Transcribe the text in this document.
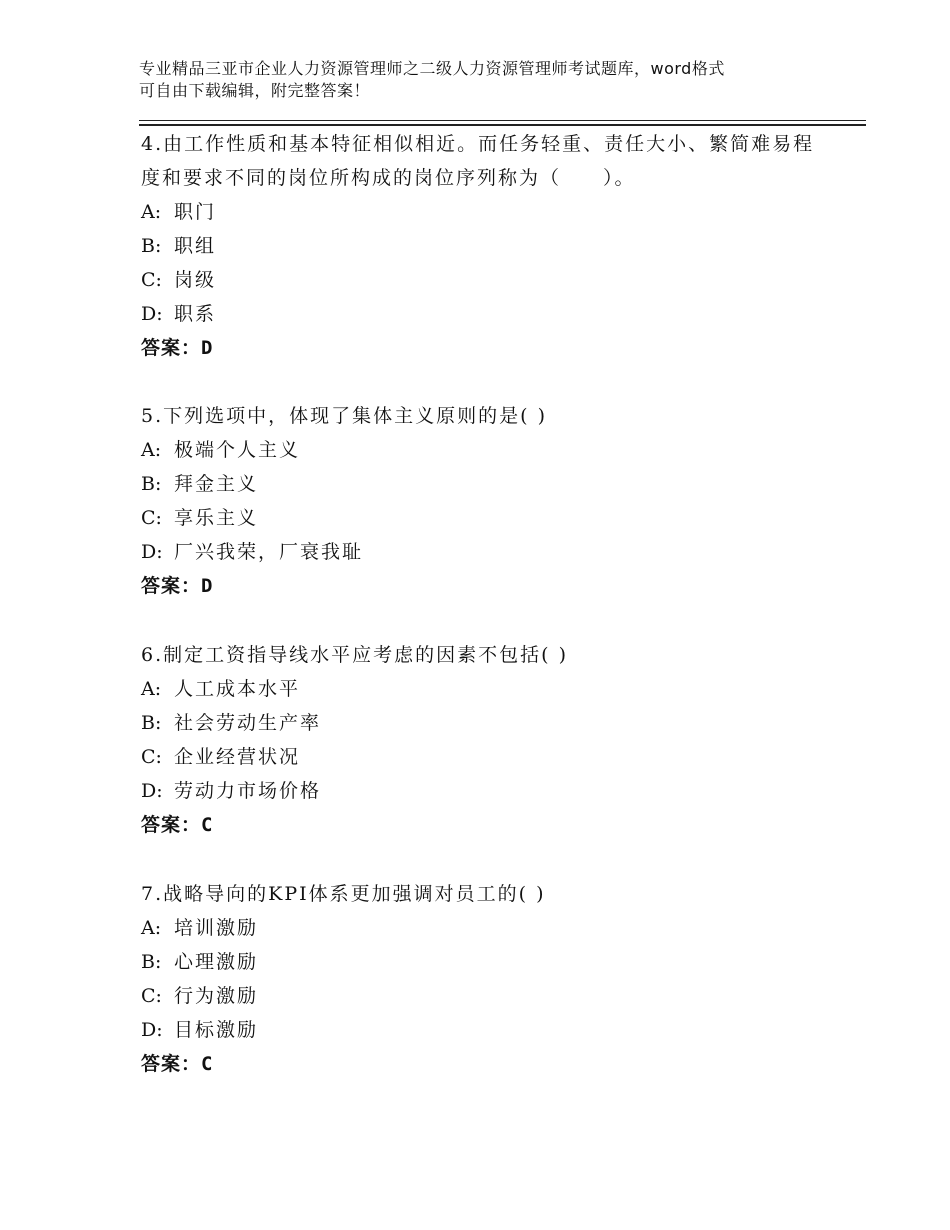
专业精品三亚市企业人力资源管理师之二级人力资源管理师考试题库，word格式
可自由下载编辑，附完整答案！

4.由工作性质和基本特征相似相近。而任务轻重、责任大小、繁简难易程度和要求不同的岗位所构成的岗位序列称为（　　）。

A: 职门
B: 职组
C: 岗级
D: 职系
答案：D

5.下列选项中，体现了集体主义原则的是( )

A: 极端个人主义
B: 拜金主义
C: 享乐主义
D: 厂兴我荣，厂衰我耻
答案：D

6.制定工资指导线水平应考虑的因素不包括( )

A: 人工成本水平
B: 社会劳动生产率
C: 企业经营状况
D: 劳动力市场价格
答案：C

7.战略导向的KPI体系更加强调对员工的( )

A: 培训激励
B: 心理激励
C: 行为激励
D: 目标激励
答案：C
